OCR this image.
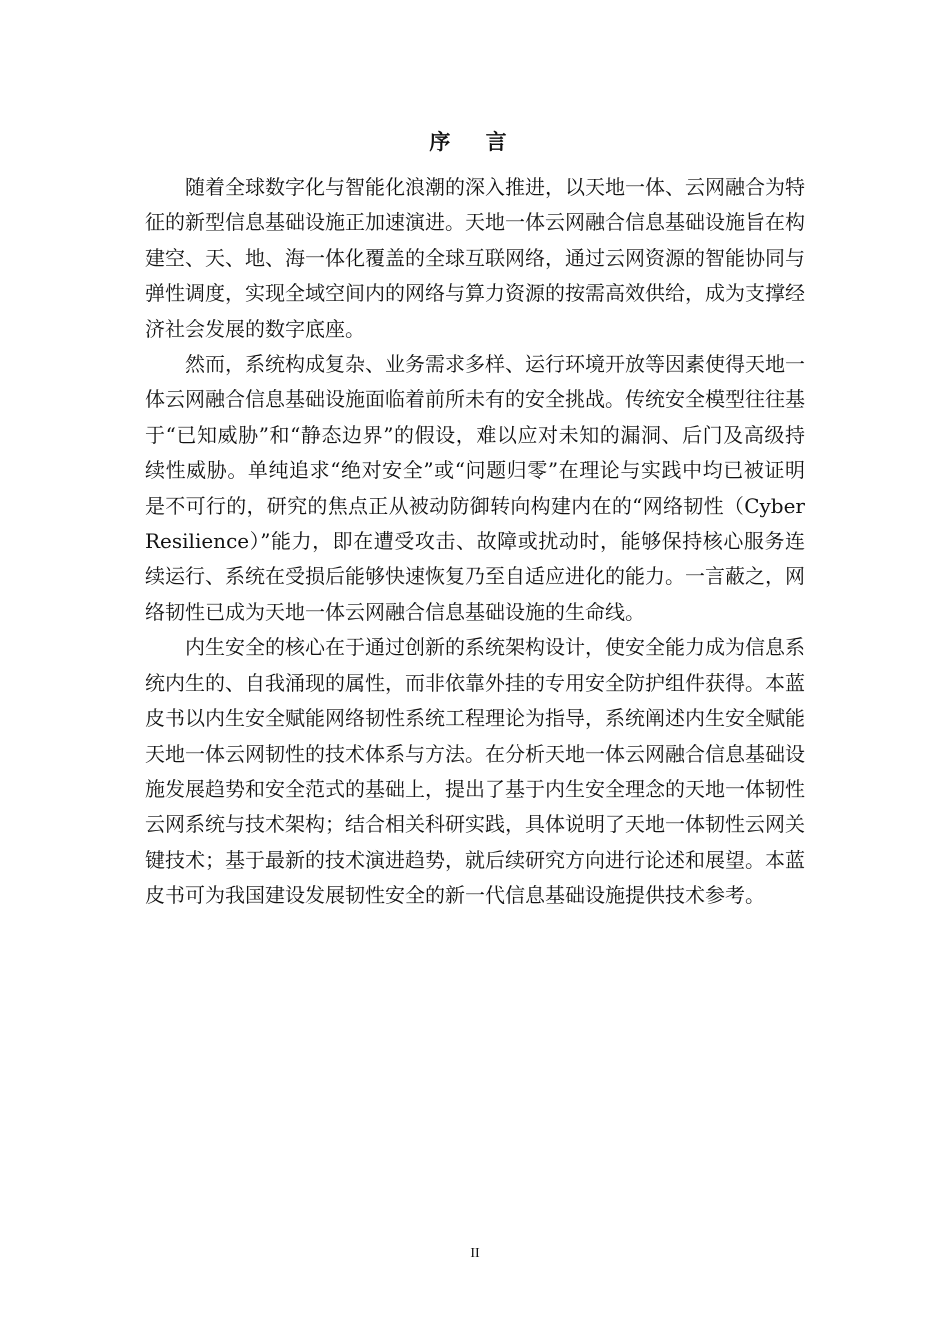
序 言

随着全球数字化与智能化浪潮的深入推进，以天地一体、云网融合为特征的新型信息基础设施正加速演进。天地一体云网融合信息基础设施旨在构建空、天、地、海一体化覆盖的全球互联网络，通过云网资源的智能协同与弹性调度，实现全域空间内的网络与算力资源的按需高效供给，成为支撑经济社会发展的数字底座。

然而，系统构成复杂、业务需求多样、运行环境开放等因素使得天地一体云网融合信息基础设施面临着前所未有的安全挑战。传统安全模型往往基于“已知威胁”和“静态边界”的假设，难以应对未知的漏洞、后门及高级持续性威胁。单纯追求“绝对安全”或“问题归零”在理论与实践中均已被证明是不可行的，研究的焦点正从被动防御转向构建内在的“网络韧性（Cyber Resilience）”能力，即在遭受攻击、故障或扰动时，能够保持核心服务连续运行、系统在受损后能够快速恢复乃至自适应进化的能力。一言蔽之，网络韧性已成为天地一体云网融合信息基础设施的生命线。

内生安全的核心在于通过创新的系统架构设计，使安全能力成为信息系统内生的、自我涌现的属性，而非依靠外挂的专用安全防护组件获得。本蓝皮书以内生安全赋能网络韧性系统工程理论为指导，系统阐述内生安全赋能天地一体云网韧性的技术体系与方法。在分析天地一体云网融合信息基础设施发展趋势和安全范式的基础上，提出了基于内生安全理念的天地一体韧性云网系统与技术架构；结合相关科研实践，具体说明了天地一体韧性云网关键技术；基于最新的技术演进趋势，就后续研究方向进行论述和展望。本蓝皮书可为我国建设发展韧性安全的新一代信息基础设施提供技术参考。

II
